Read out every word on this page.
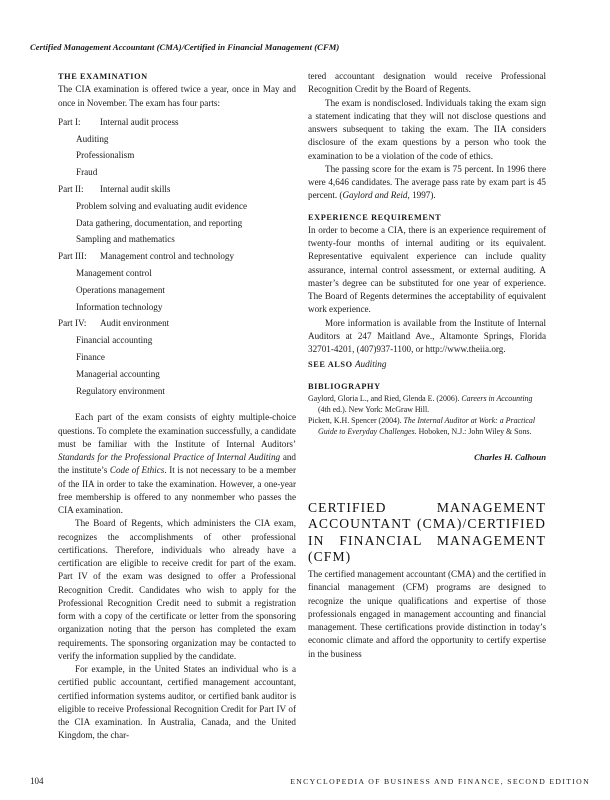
Certified Management Accountant (CMA)/Certified in Financial Management (CFM)

THE EXAMINATION

The CIA examination is offered twice a year, once in May and once in November. The exam has four parts:

Part I:	Internal audit process
Auditing
Professionalism
Fraud
Part II:	Internal audit skills
Problem solving and evaluating audit evidence
Data gathering, documentation, and reporting
Sampling and mathematics
Part III:	Management control and technology
Management control
Operations management
Information technology
Part IV:	Audit environment
Financial accounting
Finance
Managerial accounting
Regulatory environment

Each part of the exam consists of eighty multiple-choice questions. To complete the examination successfully, a candidate must be familiar with the Institute of Internal Auditors’ Standards for the Professional Practice of Internal Auditing and the institute’s Code of Ethics. It is not necessary to be a member of the IIA in order to take the examination. However, a one-year free membership is offered to any nonmember who passes the CIA examination.

The Board of Regents, which administers the CIA exam, recognizes the accomplishments of other professional certifications. Therefore, individuals who already have a certification are eligible to receive credit for part of the exam. Part IV of the exam was designed to offer a Professional Recognition Credit. Candidates who wish to apply for the Professional Recognition Credit need to submit a registration form with a copy of the certificate or letter from the sponsoring organization noting that the person has completed the exam requirements. The sponsoring organization may be contacted to verify the information supplied by the candidate.

For example, in the United States an individual who is a certified public accountant, certified management accountant, certified information systems auditor, or certified bank auditor is eligible to receive Professional Recognition Credit for Part IV of the CIA examination. In Australia, Canada, and the United Kingdom, the char-

tered accountant designation would receive Professional Recognition Credit by the Board of Regents.

The exam is nondisclosed. Individuals taking the exam sign a statement indicating that they will not disclose questions and answers subsequent to taking the exam. The IIA considers disclosure of the exam questions by a person who took the examination to be a violation of the code of ethics.

The passing score for the exam is 75 percent. In 1996 there were 4,646 candidates. The average pass rate by exam part is 45 percent. (Gaylord and Reid, 1997).

EXPERIENCE REQUIREMENT

In order to become a CIA, there is an experience requirement of twenty-four months of internal auditing or its equivalent. Representative equivalent experience can include quality assurance, internal control assessment, or external auditing. A master’s degree can be substituted for one year of experience. The Board of Regents determines the acceptability of equivalent work experience.

More information is available from the Institute of Internal Auditors at 247 Maitland Ave., Altamonte Springs, Florida 32701-4201, (407)937-1100, or http://www.theiia.org.

SEE ALSO Auditing

BIBLIOGRAPHY

Gaylord, Gloria L., and Ried, Glenda E. (2006). Careers in Accounting (4th ed.). New York: McGraw Hill.

Pickett, K.H. Spencer (2004). The Internal Auditor at Work: a Practical Guide to Everyday Challenges. Hoboken, N.J.: John Wiley & Sons.

Charles H. Calhoun

CERTIFIED MANAGEMENT ACCOUNTANT (CMA)/CERTIFIED IN FINANCIAL MANAGEMENT (CFM)

The certified management accountant (CMA) and the certified in financial management (CFM) programs are designed to recognize the unique qualifications and expertise of those professionals engaged in management accounting and financial management. These certifications provide distinction in today’s economic climate and afford the opportunity to certify expertise in the business

104	ENCYCLOPEDIA OF BUSINESS AND FINANCE, SECOND EDITION
